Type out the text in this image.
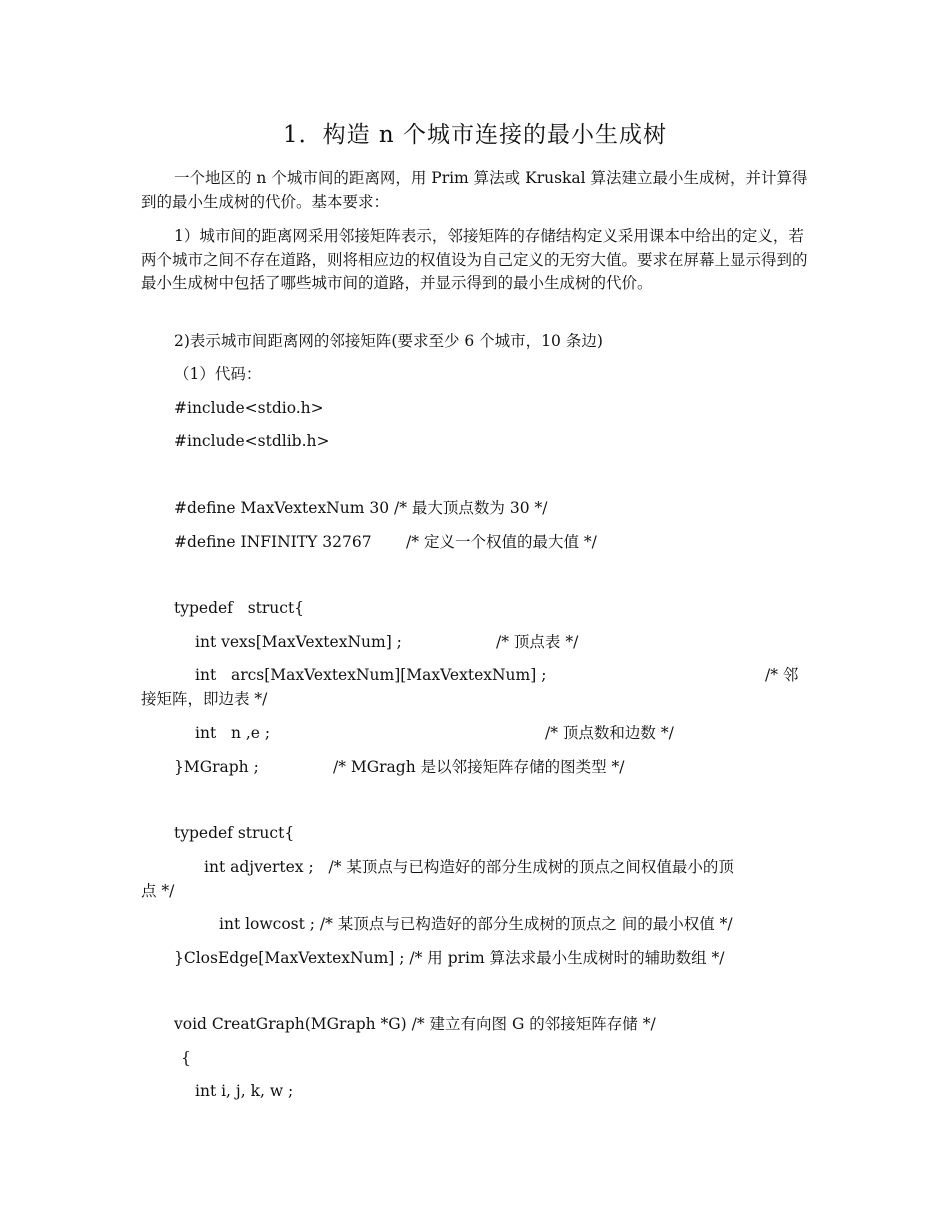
1．构造 n 个城市连接的最小生成树

一个地区的 n 个城市间的距离网，用 Prim 算法或 Kruskal 算法建立最小生成树，并计算得到的最小生成树的代价。基本要求：

1）城市间的距离网采用邻接矩阵表示，邻接矩阵的存储结构定义采用课本中给出的定义，若两个城市之间不存在道路，则将相应边的权值设为自己定义的无穷大值。要求在屏幕上显示得到的最小生成树中包括了哪些城市间的道路，并显示得到的最小生成树的代价。

2)表示城市间距离网的邻接矩阵(要求至少 6 个城市，10 条边)
（1）代码：
#include<stdio.h>
#include<stdlib.h>
#define MaxVextexNum 30 /* 最大顶点数为 30 */
#define INFINITY 32767       /* 定义一个权值的最大值 */
typedef   struct{
int vexs[MaxVextexNum] ;	/* 顶点表 */
int   arcs[MaxVextexNum][MaxVextexNum] ;	/* 邻
接矩阵，即边表 */
int   n ,e ;	/* 顶点数和边数 */
}MGraph ;	/* MGragh 是以邻接矩阵存储的图类型 */
typedef struct{
int adjvertex ;   /* 某顶点与已构造好的部分生成树的顶点之间权值最小的顶
点 */
int lowcost ; /* 某顶点与已构造好的部分生成树的顶点之 间的最小权值 */
}ClosEdge[MaxVextexNum] ; /* 用 prim 算法求最小生成树时的辅助数组 */
void CreatGraph(MGraph *G) /* 建立有向图 G 的邻接矩阵存储 */
{
int i, j, k, w ;
